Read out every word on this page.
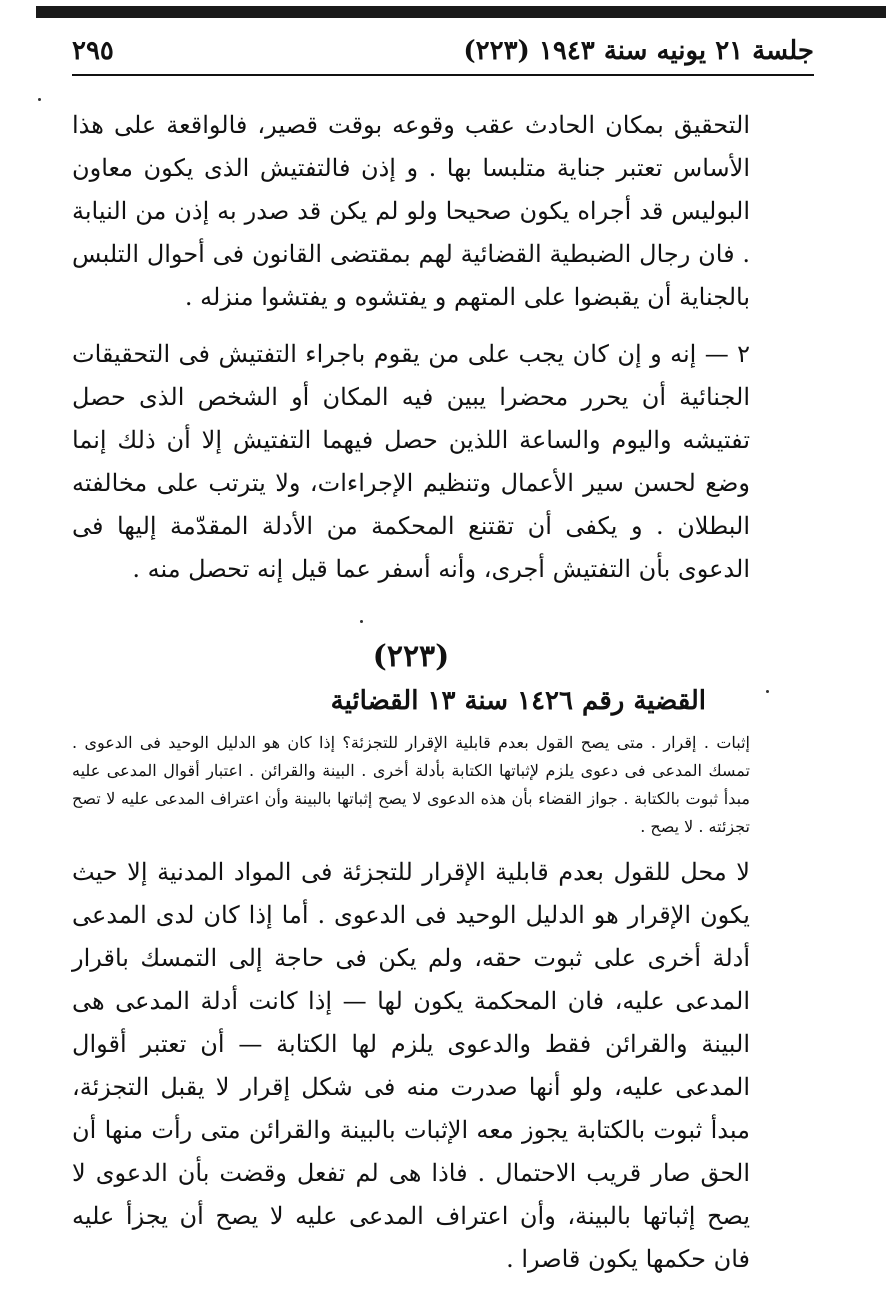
٢٩٥	جلسة ٢١ يونيه سنة ١٩٤٣ (٢٢٣)

التحقيق بمكان الحادث عقب وقوعه بوقت قصير، فالواقعة على هذا الأساس تعتبر جناية متلبسا بها . و إذن فالتفتيش الذى يكون معاون البوليس قد أجراه يكون صحيحا ولو لم يكن قد صدر به إذن من النيابة . فان رجال الضبطية القضائية لهم بمقتضى القانون فى أحوال التلبس بالجناية أن يقبضوا على المتهم و يفتشوه و يفتشوا منزله .

٢ — إنه و إن كان يجب على من يقوم باجراء التفتيش فى التحقيقات الجنائية أن يحرر محضرا يبين فيه المكان أو الشخص الذى حصل تفتيشه واليوم والساعة اللذين حصل فيهما التفتيش إلا أن ذلك إنما وضع لحسن سير الأعمال وتنظيم الإجراءات، ولا يترتب على مخالفته البطلان . و يكفى أن تقتنع المحكمة من الأدلة المقدّمة إليها فى الدعوى بأن التفتيش أجرى، وأنه أسفر عما قيل إنه تحصل منه .

(٢٢٣)

القضية رقم ١٤٢٦ سنة ١٣ القضائية

إثبات . إقرار . متى يصح القول بعدم قابلية الإقرار للتجزئة؟ إذا كان هو الدليل الوحيد فى الدعوى . تمسك المدعى فى دعوى يلزم لإثباتها الكتابة بأدلة أخرى . البينة والقرائن . اعتبار أقوال المدعى عليه مبدأ ثبوت بالكتابة . جواز القضاء بأن هذه الدعوى لا يصح إثباتها بالبينة وأن اعتراف المدعى عليه لا تصح تجزئته . لا يصح .

لا محل للقول بعدم قابلية الإقرار للتجزئة فى المواد المدنية إلا حيث يكون الإقرار هو الدليل الوحيد فى الدعوى . أما إذا كان لدى المدعى أدلة أخرى على ثبوت حقه، ولم يكن فى حاجة إلى التمسك باقرار المدعى عليه، فان المحكمة يكون لها — إذا كانت أدلة المدعى هى البينة والقرائن فقط والدعوى يلزم لها الكتابة — أن تعتبر أقوال المدعى عليه، ولو أنها صدرت منه فى شكل إقرار لا يقبل التجزئة، مبدأ ثبوت بالكتابة يجوز معه الإثبات بالبينة والقرائن متى رأت منها أن الحق صار قريب الاحتمال . فاذا هى لم تفعل وقضت بأن الدعوى لا يصح إثباتها بالبينة، وأن اعتراف المدعى عليه لا يصح أن يجزأ عليه فان حكمها يكون قاصرا .
